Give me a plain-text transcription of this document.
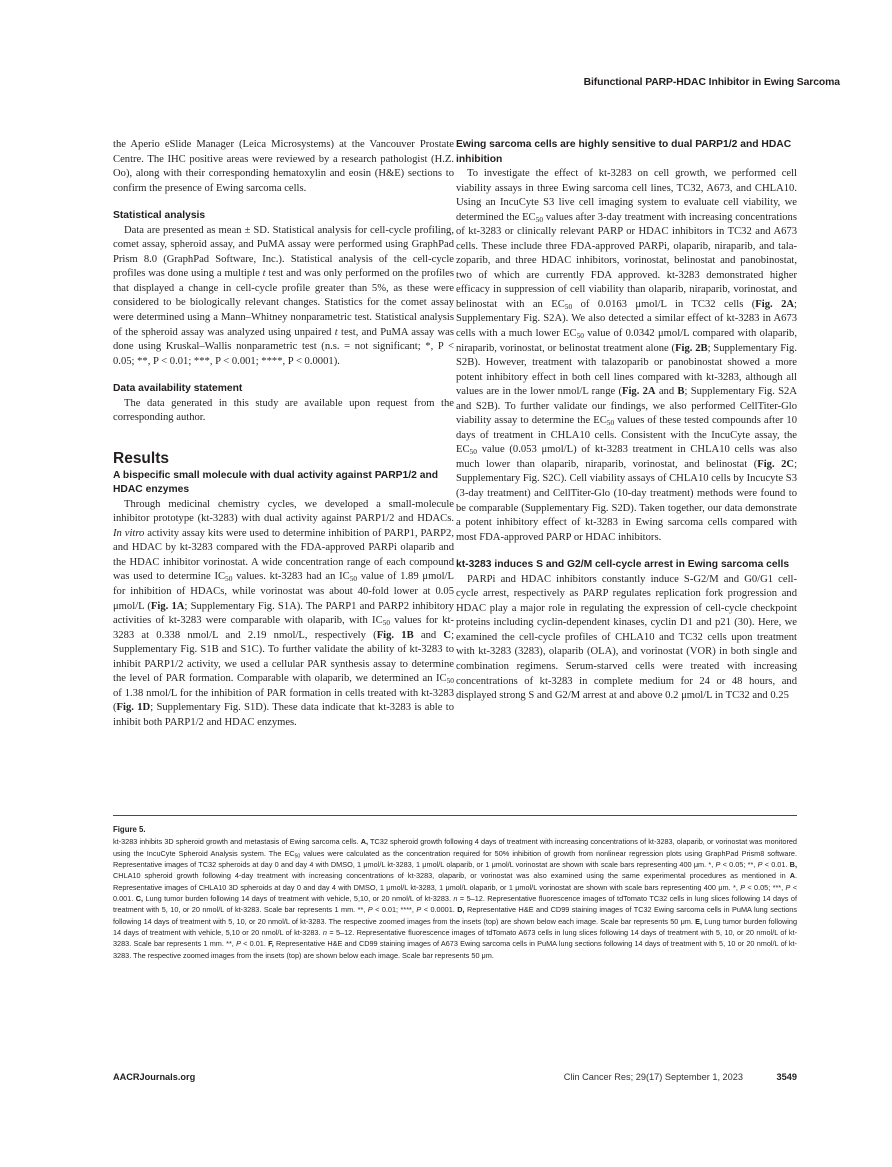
Bifunctional PARP-HDAC Inhibitor in Ewing Sarcoma

the Aperio eSlide Manager (Leica Microsystems) at the Vancouver Prostate Centre. The IHC positive areas were reviewed by a research pathologist (H.Z. Oo), along with their corresponding hematoxylin and eosin (H&E) sections to confirm the presence of Ewing sarcoma cells.

Statistical analysis

Data are presented as mean ± SD. Statistical analysis for cell-cycle profiling, comet assay, spheroid assay, and PuMA assay were performed using GraphPad Prism 8.0 (GraphPad Software, Inc.). Statistical analysis of the cell-cycle profiles was done using a multiple t test and was only performed on the profiles that displayed a change in cell-cycle profile greater than 5%, as these were considered to be biologically relevant changes. Statistics for the comet assay were determined using a Mann–Whitney nonparametric test. Statistical analysis of the spheroid assay was analyzed using unpaired t test, and PuMA assay was done using Kruskal–Wallis nonparametric test (n.s. = not significant; *, P < 0.05; **, P < 0.01; ***, P < 0.001; ****, P < 0.0001).

Data availability statement

The data generated in this study are available upon request from the corresponding author.

Results
A bispecific small molecule with dual activity against PARP1/2 and HDAC enzymes

Through medicinal chemistry cycles, we developed a small-molecule inhibitor prototype (kt-3283) with dual activity against PARP1/2 and HDACs. In vitro activity assay kits were used to determine inhibition of PARP1, PARP2, and HDAC by kt-3283 compared with the FDA-approved PARPi olaparib and the HDAC inhibitor vorinostat. A wide concentration range of each compound was used to determine $IC_{50}$ values. kt-3283 had an $IC_{50}$ value of 1.89 μmol/L for inhibition of HDACs, while vorinostat was about 40-fold lower at 0.05 μmol/L (Fig. 1A; Supplementary Fig. S1A). The PARP1 and PARP2 inhibitory activities of kt-3283 were comparable with olaparib, with $IC_{50}$ values for kt-3283 at 0.338 nmol/L and 2.19 nmol/L, respectively (Fig. 1B and C; Supplementary Fig. S1B and S1C). To further validate the ability of kt-3283 to inhibit PARP1/2 activity, we used a cellular PAR synthesis assay to determine the level of PAR formation. Comparable with olaparib, we determined an $IC_{50}$ of 1.38 nmol/L for the inhibition of PAR formation in cells treated with kt-3283 (Fig. 1D; Supplementary Fig. S1D). These data indicate that kt-3283 is able to inhibit both PARP1/2 and HDAC enzymes.

Ewing sarcoma cells are highly sensitive to dual PARP1/2 and HDAC inhibition

To investigate the effect of kt-3283 on cell growth, we performed cell viability assays in three Ewing sarcoma cell lines, TC32, A673, and CHLA10. Using an IncuCyte S3 live cell imaging system to evaluate cell viability, we determined the $EC_{50}$ values after 3-day treatment with increasing concentrations of kt-3283 or clinically relevant PARP or HDAC inhibitors in TC32 and A673 cells. These include three FDA-approved PARPi, olaparib, niraparib, and talazoparib, and three HDAC inhibitors, vorinostat, belinostat and panobinostat, two of which are currently FDA approved. kt-3283 demonstrated higher efficacy in suppression of cell viability than olaparib, niraparib, vorinostat, and belinostat with an $EC_{50}$ of 0.0163 μmol/L in TC32 cells (Fig. 2A; Supplementary Fig. S2A). We also detected a similar effect of kt-3283 in A673 cells with a much lower $EC_{50}$ value of 0.0342 μmol/L compared with olaparib, niraparib, vorinostat, or belinostat treatment alone (Fig. 2B; Supplementary Fig. S2B). However, treatment with talazoparib or panobinostat showed a more potent inhibitory effect in both cell lines compared with kt-3283, although all values are in the lower nmol/L range (Fig. 2A and B; Supplementary Fig. S2A and S2B). To further validate our findings, we also performed CellTiter-Glo viability assay to determine the $EC_{50}$ values of these tested compounds after 10 days of treatment in CHLA10 cells. Consistent with the IncuCyte assay, the $EC_{50}$ value (0.053 μmol/L) of kt-3283 treatment in CHLA10 cells was also much lower than olaparib, niraparib, vorinostat, and belinostat (Fig. 2C; Supplementary Fig. S2C). Cell viability assays of CHLA10 cells by Incucyte S3 (3-day treatment) and CellTiter-Glo (10-day treatment) methods were found to be comparable (Supplementary Fig. S2D). Taken together, our data demonstrate a potent inhibitory effect of kt-3283 in Ewing sarcoma cells compared with most FDA-approved PARP or HDAC inhibitors.

kt-3283 induces S and G2/M cell-cycle arrest in Ewing sarcoma cells

PARPi and HDAC inhibitors constantly induce S-G2/M and G0/G1 cell-cycle arrest, respectively as PARP regulates replication fork progression and HDAC play a major role in regulating the expression of cell-cycle checkpoint proteins including cyclin-dependent kinases, cyclin D1 and p21 (30). Here, we examined the cell-cycle profiles of CHLA10 and TC32 cells upon treatment with kt-3283 (3283), olaparib (OLA), and vorinostat (VOR) in both single and combination regimens. Serum-starved cells were treated with increasing concentrations of kt-3283 in complete medium for 24 or 48 hours, and displayed strong S and G2/M arrest at and above 0.2 μmol/L in TC32 and 0.25

Figure 5.
kt-3283 inhibits 3D spheroid growth and metastasis of Ewing sarcoma cells. A, TC32 spheroid growth following 4 days of treatment with increasing concentrations of kt-3283, olaparib, or vorinostat was monitored using the IncuCyte Spheroid Analysis system. The $EC_{50}$ values were calculated as the concentration required for 50% inhibition of growth from nonlinear regression plots using GraphPad Prism8 software. Representative images of TC32 spheroids at day 0 and day 4 with DMSO, 1 μmol/L kt-3283, 1 μmol/L olaparib, or 1 μmol/L vorinostat are shown with scale bars representing 400 μm. *, P < 0.05; **, P < 0.01. B, CHLA10 spheroid growth following 4-day treatment with increasing concentrations of kt-3283, olaparib, or vorinostat was also examined using the same experimental procedures as mentioned in A. Representative images of CHLA10 3D spheroids at day 0 and day 4 with DMSO, 1 μmol/L kt-3283, 1 μmol/L olaparib, or 1 μmol/L vorinostat are shown with scale bars representing 400 μm. *, P < 0.05; ***, P < 0.001. C, Lung tumor burden following 14 days of treatment with vehicle, 5,10, or 20 nmol/L of kt-3283. n = 5–12. Representative fluorescence images of tdTomato TC32 cells in lung slices following 14 days of treatment with 5, 10, or 20 nmol/L of kt-3283. Scale bar represents 1 mm. **, P < 0.01; ****, P < 0.0001. D, Representative H&E and CD99 staining images of TC32 Ewing sarcoma cells in PuMA lung sections following 14 days of treatment with 5, 10, or 20 nmol/L of kt-3283. The respective zoomed images from the insets (top) are shown below each image. Scale bar represents 50 μm. E, Lung tumor burden following 14 days of treatment with vehicle, 5,10 or 20 nmol/L of kt-3283. n = 5–12. Representative fluorescence images of tdTomato A673 cells in lung slices following 14 days of treatment with 5, 10, or 20 nmol/L of kt-3283. Scale bar represents 1 mm. **, P < 0.01. F, Representative H&E and CD99 staining images of A673 Ewing sarcoma cells in PuMA lung sections following 14 days of treatment with 5, 10 or 20 nmol/L of kt-3283. The respective zoomed images from the insets (top) are shown below each image. Scale bar represents 50 μm.
AACRJournals.org	Clin Cancer Res; 29(17) September 1, 2023	3549
